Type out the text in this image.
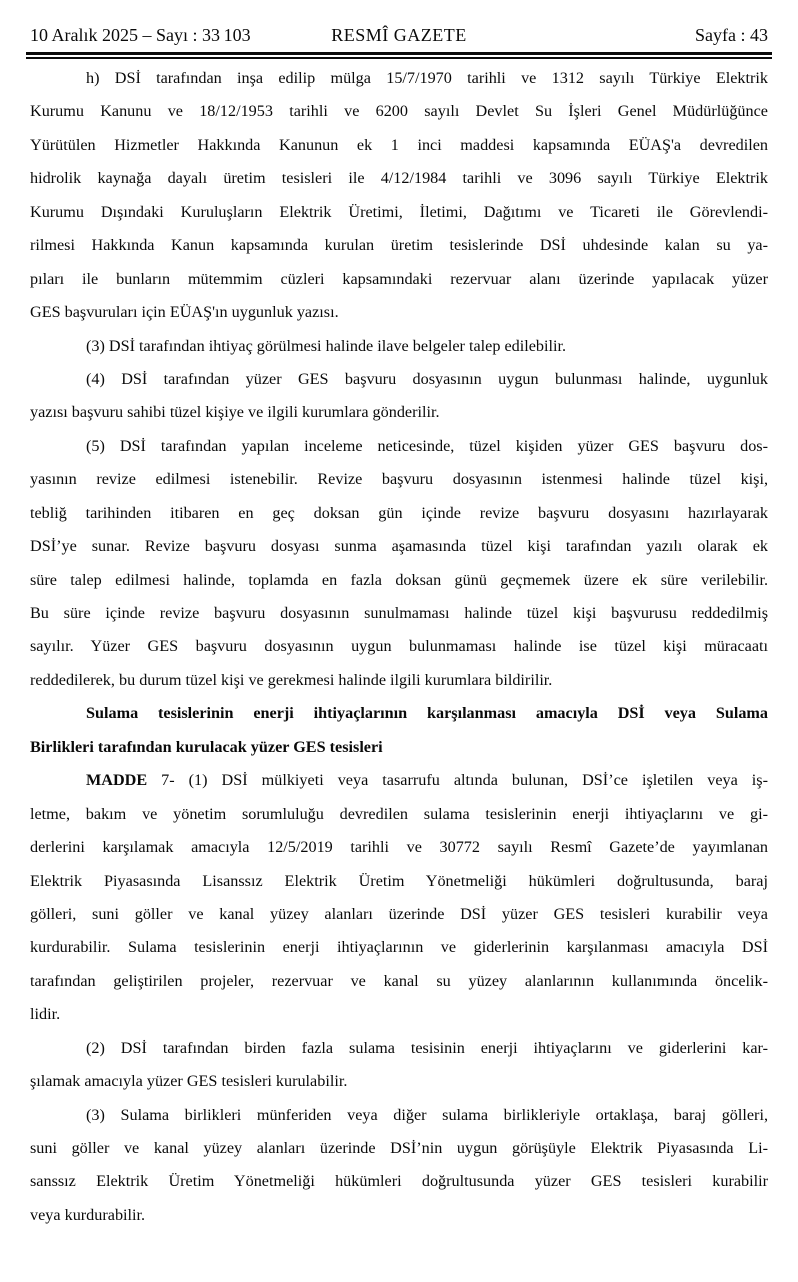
10 Aralık 2025 – Sayı : 33 103	RESMÎ GAZETE	Sayfa : 43
h) DSİ tarafından inşa edilip mülga 15/7/1970 tarihli ve 1312 sayılı Türkiye Elektrik
Kurumu Kanunu ve 18/12/1953 tarihli ve 6200 sayılı Devlet Su İşleri Genel Müdürlüğünce
Yürütülen Hizmetler Hakkında Kanunun ek 1 inci maddesi kapsamında EÜAŞ'a devredilen
hidrolik kaynağa dayalı üretim tesisleri ile 4/12/1984 tarihli ve 3096 sayılı Türkiye Elektrik
Kurumu Dışındaki Kuruluşların Elektrik Üretimi, İletimi, Dağıtımı ve Ticareti ile Görevlendi-
rilmesi Hakkında Kanun kapsamında kurulan üretim tesislerinde DSİ uhdesinde kalan su ya-
pıları ile bunların mütemmim cüzleri kapsamındaki rezervuar alanı üzerinde yapılacak yüzer
GES başvuruları için EÜAŞ'ın uygunluk yazısı.
(3) DSİ tarafından ihtiyaç görülmesi halinde ilave belgeler talep edilebilir.
(4) DSİ tarafından yüzer GES başvuru dosyasının uygun bulunması halinde, uygunluk
yazısı başvuru sahibi tüzel kişiye ve ilgili kurumlara gönderilir.
(5) DSİ tarafından yapılan inceleme neticesinde, tüzel kişiden yüzer GES başvuru dos-
yasının revize edilmesi istenebilir. Revize başvuru dosyasının istenmesi halinde tüzel kişi,
tebliğ tarihinden itibaren en geç doksan gün içinde revize başvuru dosyasını hazırlayarak
DSİ’ye sunar. Revize başvuru dosyası sunma aşamasında tüzel kişi tarafından yazılı olarak ek
süre talep edilmesi halinde, toplamda en fazla doksan günü geçmemek üzere ek süre verilebilir.
Bu süre içinde revize başvuru dosyasının sunulmaması halinde tüzel kişi başvurusu reddedilmiş
sayılır. Yüzer GES başvuru dosyasının uygun bulunmaması halinde ise tüzel kişi müracaatı
reddedilerek, bu durum tüzel kişi ve gerekmesi halinde ilgili kurumlara bildirilir.
Sulama tesislerinin enerji ihtiyaçlarının karşılanması amacıyla DSİ veya Sulama
Birlikleri tarafından kurulacak yüzer GES tesisleri
MADDE 7- (1) DSİ mülkiyeti veya tasarrufu altında bulunan, DSİ’ce işletilen veya iş-
letme, bakım ve yönetim sorumluluğu devredilen sulama tesislerinin enerji ihtiyaçlarını ve gi-
derlerini karşılamak amacıyla 12/5/2019 tarihli ve 30772 sayılı Resmî Gazete’de yayımlanan
Elektrik Piyasasında Lisanssız Elektrik Üretim Yönetmeliği hükümleri doğrultusunda, baraj
gölleri, suni göller ve kanal yüzey alanları üzerinde DSİ yüzer GES tesisleri kurabilir veya
kurdurabilir. Sulama tesislerinin enerji ihtiyaçlarının ve giderlerinin karşılanması amacıyla DSİ
tarafından geliştirilen projeler, rezervuar ve kanal su yüzey alanlarının kullanımında öncelik-
lidir.
(2) DSİ tarafından birden fazla sulama tesisinin enerji ihtiyaçlarını ve giderlerini kar-
şılamak amacıyla yüzer GES tesisleri kurulabilir.
(3) Sulama birlikleri münferiden veya diğer sulama birlikleriyle ortaklaşa, baraj gölleri,
suni göller ve kanal yüzey alanları üzerinde DSİ’nin uygun görüşüyle Elektrik Piyasasında Li-
sanssız Elektrik Üretim Yönetmeliği hükümleri doğrultusunda yüzer GES tesisleri kurabilir
veya kurdurabilir.
